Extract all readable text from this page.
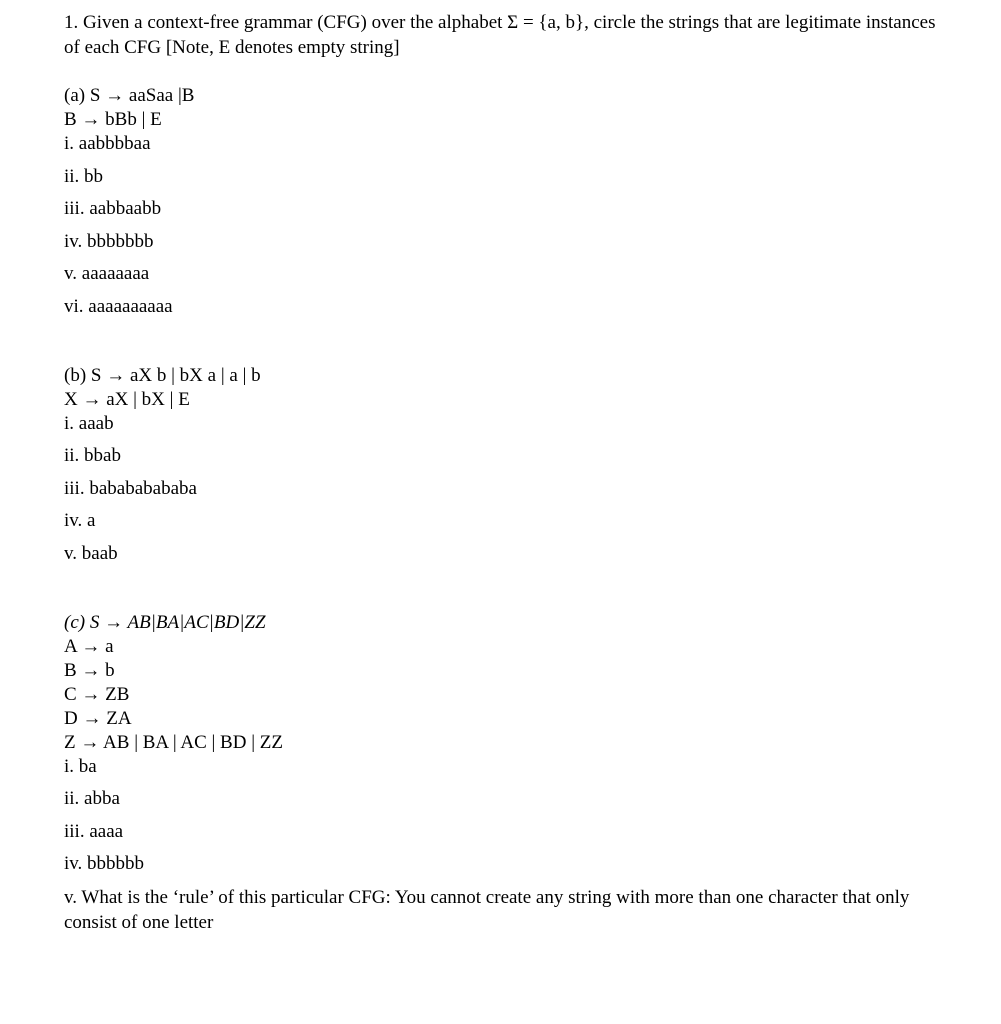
1. Given a context-free grammar (CFG) over the alphabet Σ = {a, b}, circle the strings that are legitimate instances of each CFG [Note, E denotes empty string]
(a) S → aaSaa |B
B → bBb | E
i. aabbbbaa
ii. bb
iii. aabbaabb
iv. bbbbbbb
v. aaaaaaaa
vi. aaaaaaaaaa
(b) S → aX b | bX a | a | b
X → aX | bX | E
i. aaab
ii. bbab
iii. babababababa
iv. a
v. baab
(c) S → AB|BA|AC|BD|ZZ
A → a
B → b
C → ZB
D → ZA
Z → AB | BA | AC | BD | ZZ
i. ba
ii. abba
iii. aaaa
iv. bbbbbb
v. What is the ‘rule’ of this particular CFG: You cannot create any string with more than one character that only consist of one letter
